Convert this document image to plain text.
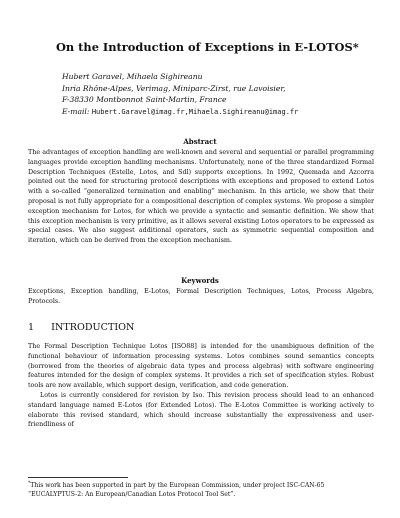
On the Introduction of Exceptions in E-LOTOS*
Hubert Garavel, Mihaela Sighireanu
Inria Rhône-Alpes, Verimag, Miniparc-Zirst, rue Lavoisier,
F-38330 Montbonnot Saint-Martin, France
E-mail: Hubert.Garavel@imag.fr,Mihaela.Sighireanu@imag.fr
Abstract
The advantages of exception handling are well-known and several and sequential or parallel programming languages provide exception handling mechanisms. Unfortunately, none of the three standardized Formal Description Techniques (Estelle, Lotos, and Sdl) supports exceptions. In 1992, Quemada and Azcorra pointed out the need for structuring protocol descriptions with exceptions and proposed to extend Lotos with a so-called “generalized termination and enabling” mechanism. In this article, we show that their proposal is not fully appropriate for a compositional description of complex systems. We propose a simpler exception mechanism for Lotos, for which we provide a syntactic and semantic definition. We show that this exception mechanism is very primitive, as it allows several existing Lotos operators to be expressed as special cases. We also suggest additional operators, such as symmetric sequential composition and iteration, which can be derived from the exception mechanism.
Keywords
Exceptions, Exception handling, E-Lotos, Formal Description Techniques, Lotos, Process Algebra, Protocols.
1 INTRODUCTION

The Formal Description Technique Lotos [ISO88] is intended for the unambiguous definition of the functional behaviour of information processing systems. Lotos combines sound semantics concepts (borrowed from the theories of algebraic data types and process algebras) with software engineering features intended for the design of complex systems. It provides a rich set of specification styles. Robust tools are now available, which support design, verification, and code generation.

Lotos is currently considered for revision by Iso. This revision process should lead to an enhanced standard language named E-Lotos (for Extended Lotos). The E-Lotos Committee is working actively to elaborate this revised standard, which should increase substantially the expressiveness and user-friendliness of

*This work has been supported in part by the European Commission, under project ISC-CAN-65 “EUCALYPTUS-2: An European/Canadian Lotos Protocol Tool Set”.
